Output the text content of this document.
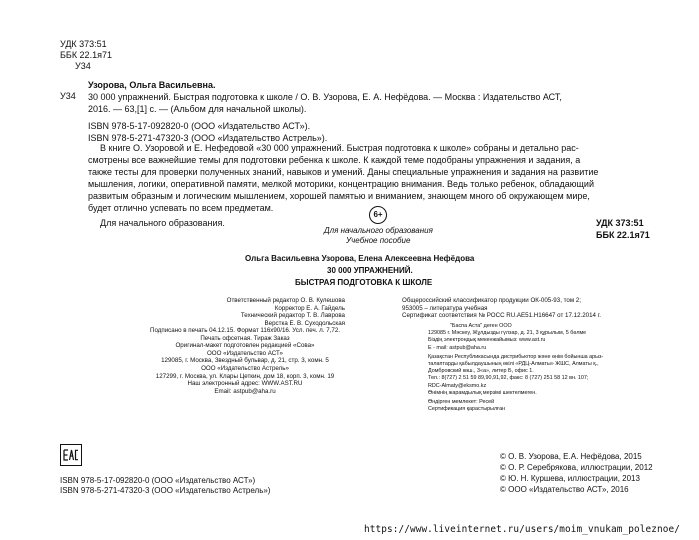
УДК 373:51
ББК 22.1я71
У34
У34
Узорова, Ольга Васильевна.
30 000 упражнений. Быстрая подготовка к школе / О. В. Узорова, Е. А. Нефёдова. — Москва : Издательство АСТ,
2016. — 63,[1] с. — (Альбом для начальной школы).
ISBN 978-5-17-092820-0 (ООО «Издательство АСТ»).
ISBN 978-5-271-47320-3 (ООО «Издательство Астрель»).
В книге О. Узоровой и Е. Нефедовой «30 000 упражнений. Быстрая подготовка к школе» собраны и детально рас-
смотрены все важнейшие темы для подготовки ребенка к школе. К каждой теме подобраны упражнения и задания, а
также тесты для проверки полученных знаний, навыков и умений. Даны специальные упражнения и задания на развитие
мышления, логики, оперативной памяти, мелкой моторики, концентрацию внимания. Ведь только ребенок, обладающий
развитым образным и логическим мышлением, хорошей памятью и вниманием, знающем много об окружающем мире,
будет отлично успевать по всем предметам.
Для начального образования.
6+
Для начального образования
Учебное пособие
УДК 373:51
ББК 22.1я71
Ольга Васильевна Узорова, Елена Алексеевна Нефёдова
30 000 УПРАЖНЕНИЙ.
БЫСТРАЯ ПОДГОТОВКА К ШКОЛЕ
Ответственный редактор О. В. Кулешова
Корректор Е. А. Гайдель
Технический редактор Т. В. Лаврова
Верстка Е. В. Суходольская
Подписано в печать 04.12.15. Формат 116х90/16. Усл. печ. л. 7,72.
Печать офсетная. Тираж Заказ
Оригинал-макет подготовлен редакцией «Сова»
ООО «Издательство АСТ»
129085, г. Москва, Звездный бульвар, д. 21, стр. 3, комн. 5
ООО «Издательство Астрель»
127299, г. Москва, ул. Клары Цеткин, дом 18, корп. 3, комн. 19
Наш электронный адрес: WWW.AST.RU
Email: astpub@aha.ru
Общероссийский классификатор продукции ОК-005-93, том 2;
953005 – литература учебная
Сертификат соответствия № РОСС RU.AE51.H16647 от 17.12.2014 г.
"Баспа Аста" деген ООО
129085 г. Мәскеу, Жұлдызды гүлзар, д. 21, 3 құрылым, 5 бөлме
Біздің электрондық мекенжайымыз: www.ast.ru
E - mail: astpub@aha.ru
Қазақстан Республикасында дистрибьютор және өнім бойынша арыз-
талаптарды қабылдаушының өкілі «РДЦ-Алматы» ЖШС, Алматы қ.,
Домбровский көш., 3«а», литер Б, офис 1.
Тел.: 8(727) 2 51 59 89,90,91,92, факс: 8 (727) 251 58 12 вн. 107;
RDC-Almaty@eksmo.kz
Өнімнің жарамдылық мерзімі шектелмеген.
Өндірген мемлекет: Ресей
Сертификация қарастырылған
ISBN 978-5-17-092820-0 (ООО «Издательство АСТ»)
ISBN 978-5-271-47320-3 (ООО «Издательство Астрель»)
© О. В. Узорова, Е.А. Нефёдова, 2015
© О. Р. Серебрякова, иллюстрации, 2012
© Ю. Н. Куршева, иллюстрации, 2013
© ООО «Издательство АСТ», 2016
https://www.liveinternet.ru/users/moim_vnukam_poleznoe/
